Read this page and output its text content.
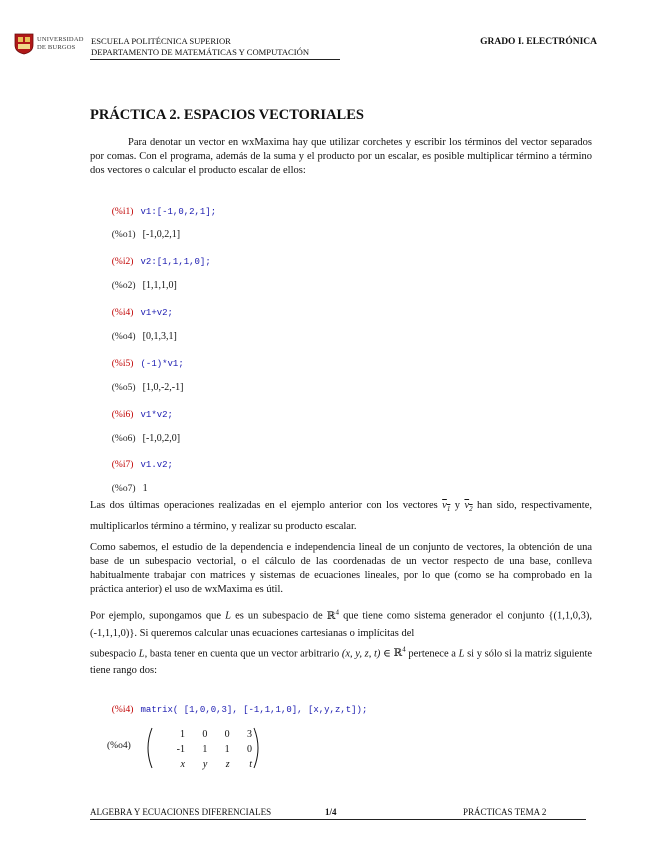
UNIVERSIDAD
DE BURGOS
ESCUELA POLITÉCNICA SUPERIOR
DEPARTAMENTO DE MATEMÁTICAS Y COMPUTACIÓN
GRADO I. ELECTRÓNICA
PRÁCTICA 2. ESPACIOS VECTORIALES
Para denotar un vector en wxMaxima hay que utilizar corchetes y escribir los términos del vector separados por comas. Con el programa, además de la suma y el producto por un escalar, es posible multiplicar término a término dos vectores o calcular el producto escalar de ellos:

(%i1) v1:[-1,0,2,1];

(%o1) [-1,0,2,1]

(%i2) v2:[1,1,1,0];

(%o2) [1,1,1,0]

(%i4) v1+v2;

(%o4) [0,1,3,1]

(%i5) (-1)*v1;

(%o5) [1,0,-2,-1]

(%i6) v1*v2;

(%o6) [-1,0,2,0]

(%i7) v1.v2;

(%o7) 1

Las dos últimas operaciones realizadas en el ejemplo anterior con los vectores $v_1$ y $v_2$ han sido, respectivamente, multiplicarlos término a término, y realizar su producto escalar.
Como sabemos, el estudio de la dependencia e independencia lineal de un conjunto de vectores, la obtención de una base de un subespacio vectorial, o el cálculo de las coordenadas de un vector respecto de una base, conlleva habitualmente trabajar con matrices y sistemas de ecuaciones lineales, por lo que (como se ha comprobado en la práctica anterior) el uso de wxMaxima es útil.
Por ejemplo, supongamos que L es un subespacio de ℝ$^4$ que tiene como sistema generador el conjunto {(1,1,0,3),(-1,1,1,0)}. Si queremos calcular unas ecuaciones cartesianas o implícitas del
subespacio L, basta tener en cuenta que un vector arbitrario (x, y, z, t) ∈ ℝ$^4$ pertenece a L si y sólo si la matriz siguiente tiene rango dos:

(%i4) matrix( [1,0,0,3], [-1,1,1,0], [x,y,z,t]);

(%o4)
1	0	0	3
-1	1	1	0
x	y	z	t
ALGEBRA Y ECUACIONES DIFERENCIALES	1/4	PRÁCTICAS TEMA 2
